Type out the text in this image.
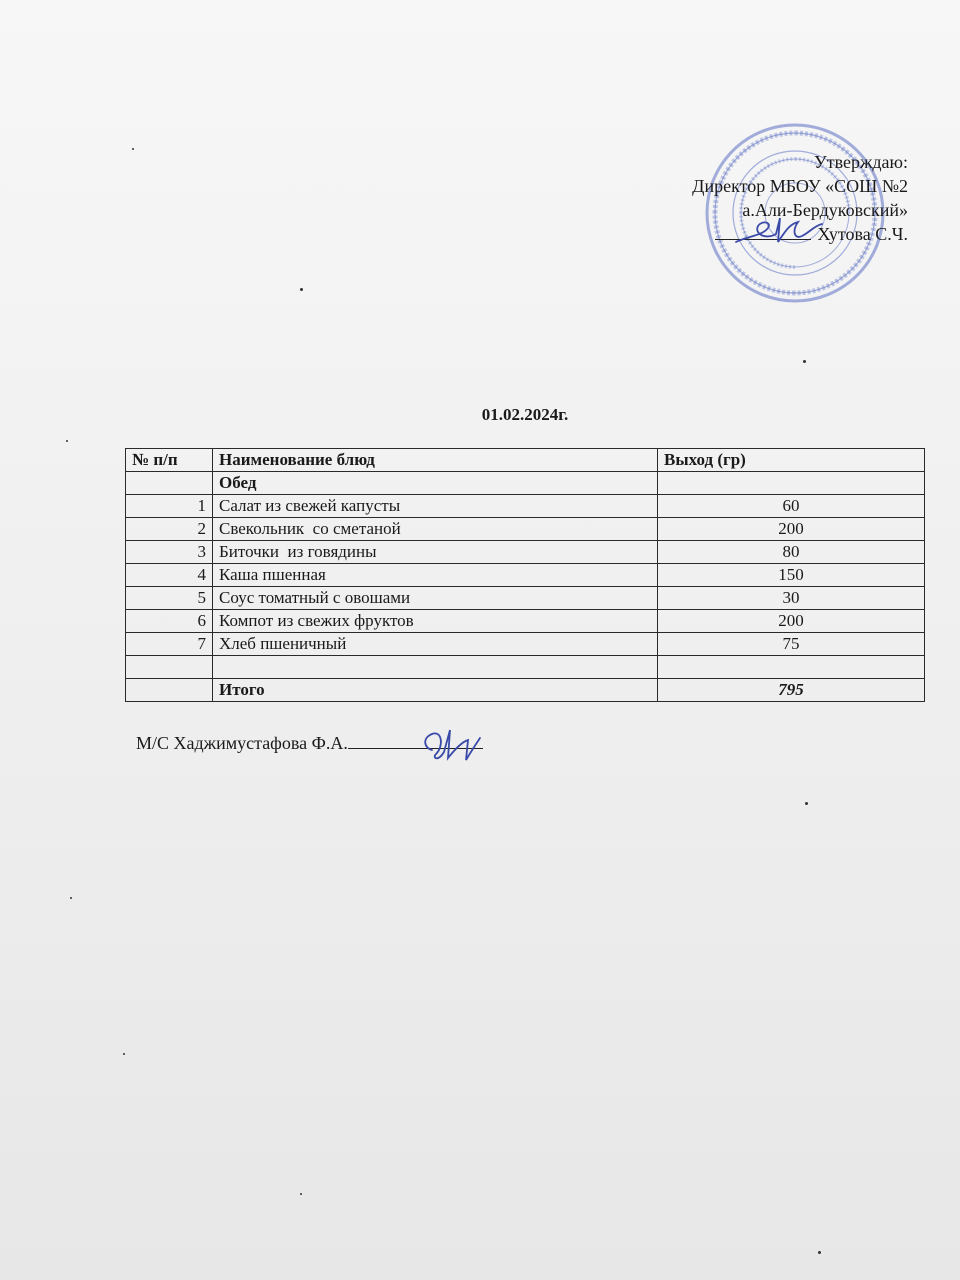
Утверждаю:
Директор МБОУ «СОШ №2
а.Али-Бердуковский»
Хутова С.Ч.
01.02.2024г.
№ п/п	Наименование блюд	Выход (гр)
	Обед	
1	Салат из свежей капусты	60
2	Свекольник  со сметаной	200
3	Биточки  из говядины	80
4	Каша пшенная	150
5	Соус томатный с овошами	30
6	Компот из свежих фруктов	200
7	Хлеб пшеничный	75

	Итого	795
М/С Хаджимустафова Ф.А.
